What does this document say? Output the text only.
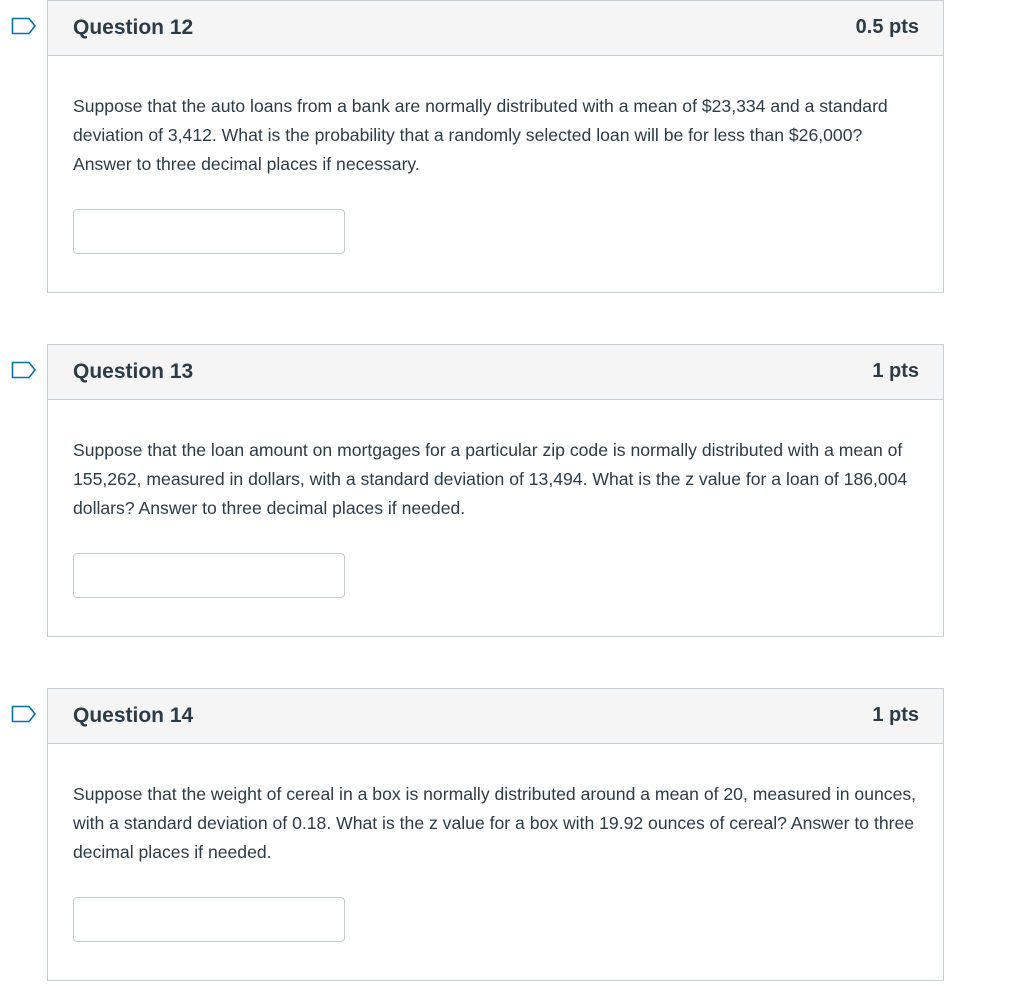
Question 12	0.5 pts

Suppose that the auto loans from a bank are normally distributed with a mean of $23,334 and a standard deviation of 3,412. What is the probability that a randomly selected loan will be for less than $26,000? Answer to three decimal places if necessary.

Question 13	1 pts

Suppose that the loan amount on mortgages for a particular zip code is normally distributed with a mean of 155,262, measured in dollars, with a standard deviation of 13,494. What is the z value for a loan of 186,004 dollars? Answer to three decimal places if needed.

Question 14	1 pts

Suppose that the weight of cereal in a box is normally distributed around a mean of 20, measured in ounces, with a standard deviation of 0.18. What is the z value for a box with 19.92 ounces of cereal? Answer to three decimal places if needed.
